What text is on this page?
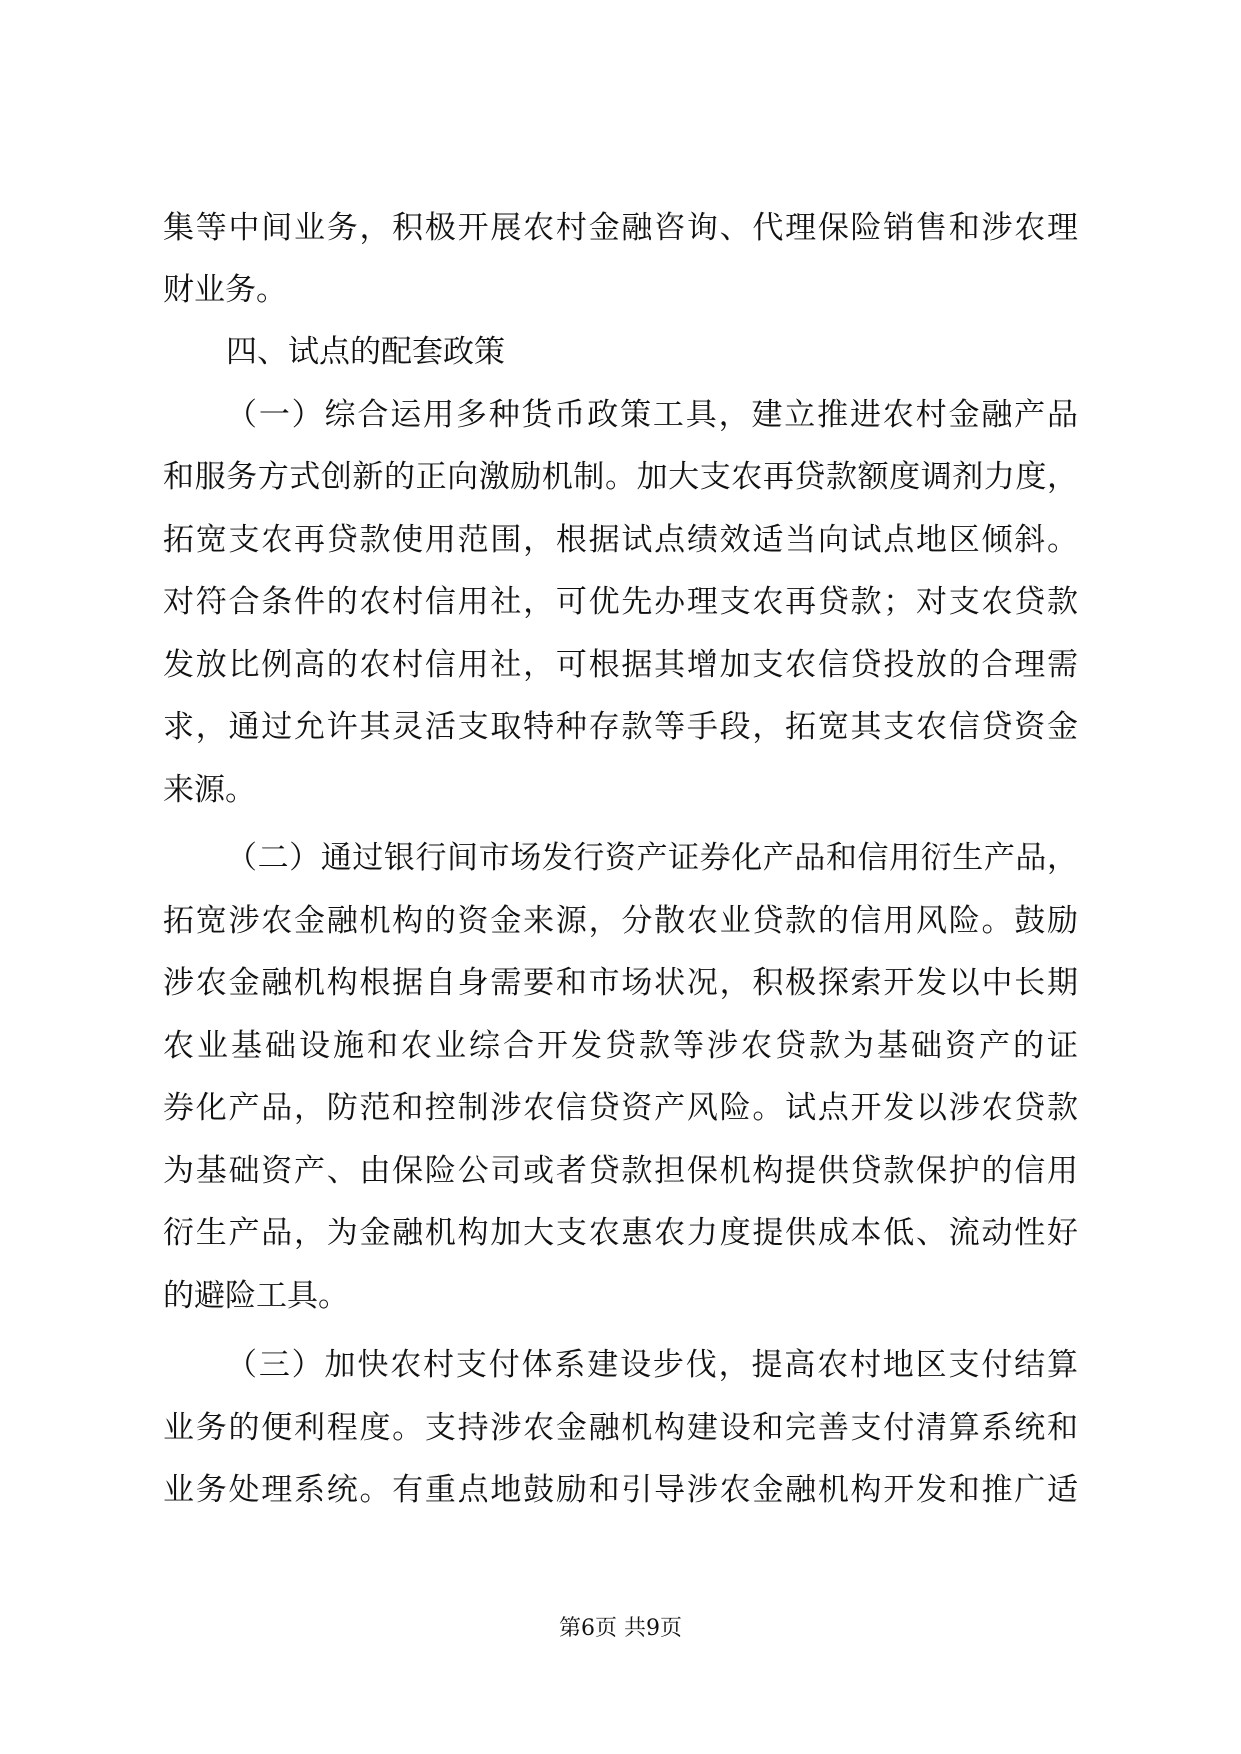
集等中间业务，积极开展农村金融咨询、代理保险销售和涉农理
财业务。
四、试点的配套政策
（一）综合运用多种货币政策工具，建立推进农村金融产品
和服务方式创新的正向激励机制。加大支农再贷款额度调剂力度，
拓宽支农再贷款使用范围，根据试点绩效适当向试点地区倾斜。
对符合条件的农村信用社，可优先办理支农再贷款；对支农贷款
发放比例高的农村信用社，可根据其增加支农信贷投放的合理需
求，通过允许其灵活支取特种存款等手段，拓宽其支农信贷资金
来源。
（二）通过银行间市场发行资产证券化产品和信用衍生产品，
拓宽涉农金融机构的资金来源，分散农业贷款的信用风险。鼓励
涉农金融机构根据自身需要和市场状况，积极探索开发以中长期
农业基础设施和农业综合开发贷款等涉农贷款为基础资产的证
券化产品，防范和控制涉农信贷资产风险。试点开发以涉农贷款
为基础资产、由保险公司或者贷款担保机构提供贷款保护的信用
衍生产品，为金融机构加大支农惠农力度提供成本低、流动性好
的避险工具。
（三）加快农村支付体系建设步伐，提高农村地区支付结算
业务的便利程度。支持涉农金融机构建设和完善支付清算系统和
业务处理系统。有重点地鼓励和引导涉农金融机构开发和推广适
第6页 共9页
